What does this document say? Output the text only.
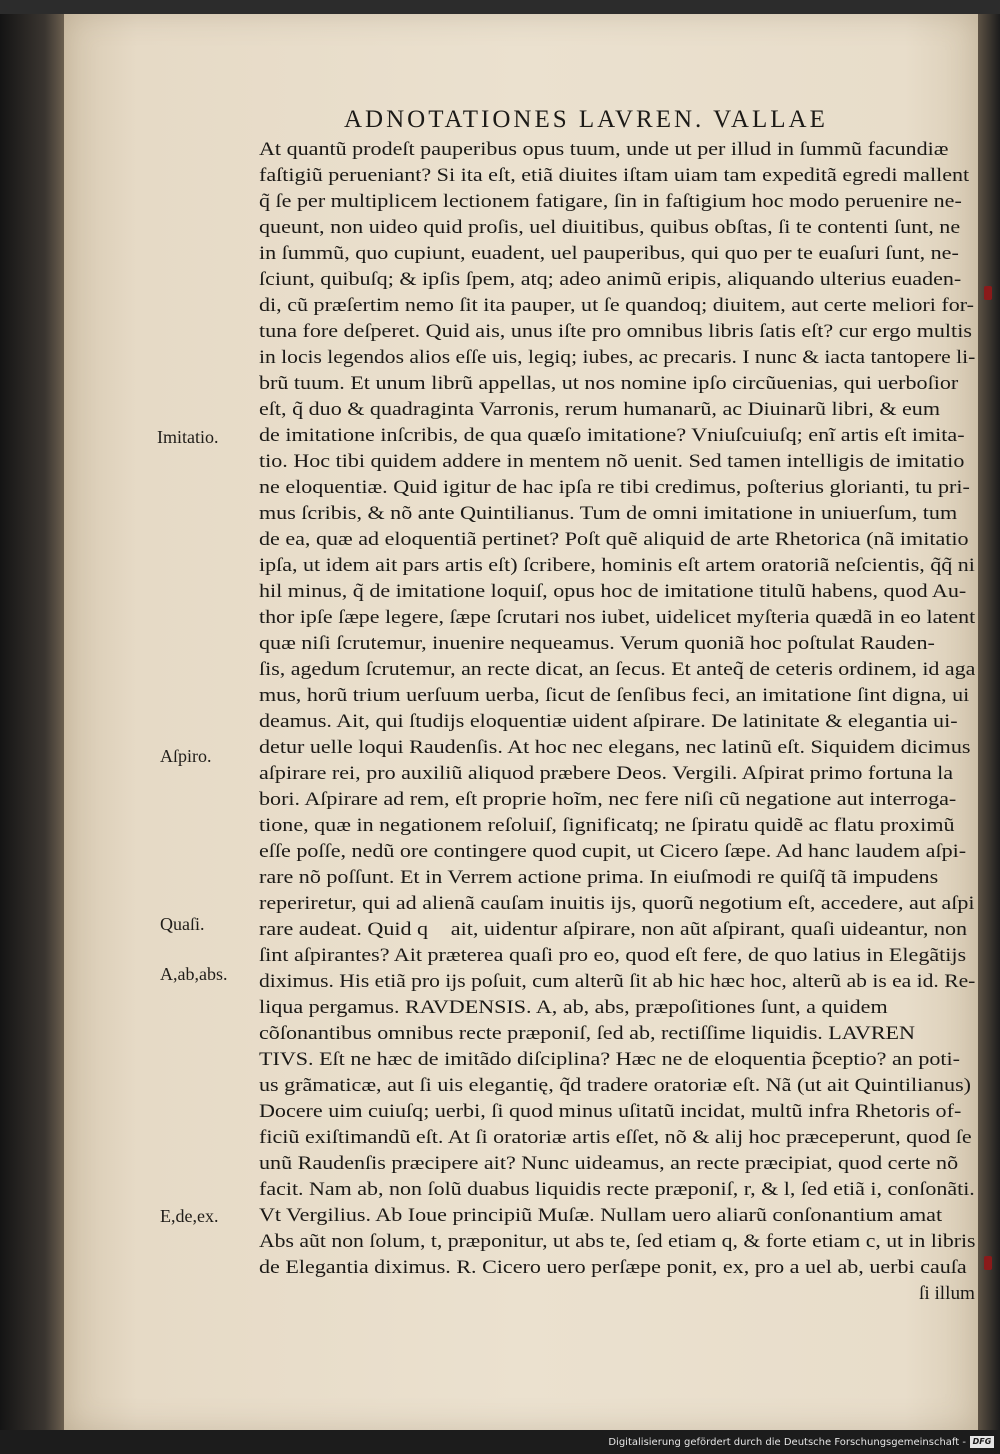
ADNOTATIONES LAVREN. VALLAE
Imitatio.
Aſpiro.
Quaſi.
A,ab,abs.
E,de,ex.
At quantũ prodeſt pauperibus opus tuum, unde ut per illud in ſummũ facundiæ
faſtigiũ perueniant? Si ita eſt, etiã diuites iſtam uiam tam expeditã egredi mallent
q̃ ſe per multiplicem lectionem fatigare, ſin in faſtigium hoc modo peruenire ne-
queunt, non uideo quid proſis, uel diuitibus, quibus obſtas, ſi te contenti ſunt, ne
in ſummũ, quo cupiunt, euadent, uel pauperibus, qui quo per te euaſuri ſunt, ne-
ſciunt, quibuſq; & ipſis ſpem, atq; adeo animũ eripis, aliquando ulterius euaden-
di, cũ præſertim nemo ſit ita pauper, ut ſe quandoq; diuitem, aut certe meliori for-
tuna fore deſperet. Quid ais, unus iſte pro omnibus libris ſatis eſt? cur ergo multis
in locis legendos alios eſſe uis, legiq; iubes, ac precaris. I nunc & iacta tantopere li-
brũ tuum. Et unum librũ appellas, ut nos nomine ipſo circũuenias, qui uerboſior
eſt, q̃ duo & quadraginta Varronis, rerum humanarũ, ac Diuinarũ libri, & eum
de imitatione inſcribis, de qua quæſo imitatione? Vniuſcuiuſq; enĩ artis eſt imita-
tio. Hoc tibi quidem addere in mentem nõ uenit. Sed tamen intelligis de imitatio
ne eloquentiæ. Quid igitur de hac ipſa re tibi credimus, poſterius glorianti, tu pri-
mus ſcribis, & nõ ante Quintilianus. Tum de omni imitatione in uniuerſum, tum
de ea, quæ ad eloquentiã pertinet? Poſt quẽ aliquid de arte Rhetorica (nã imitatio
ipſa, ut idem ait pars artis eſt) ſcribere, hominis eſt artem oratoriã neſcientis, q̃q̃ ni
hil minus, q̃ de imitatione loquiſ, opus hoc de imitatione titulũ habens, quod Au-
thor ipſe ſæpe legere, ſæpe ſcrutari nos iubet, uidelicet myſteria quædã in eo latent
quæ niſi ſcrutemur, inuenire nequeamus. Verum quoniã hoc poſtulat Rauden-
ſis, agedum ſcrutemur, an recte dicat, an ſecus. Et anteq̃ de ceteris ordinem, id aga
mus, horũ trium uerſuum uerba, ſicut de ſenſibus feci, an imitatione ſint digna, ui
deamus. Ait, qui ſtudijs eloquentiæ uident aſpirare. De latinitate & elegantia ui-
detur uelle loqui Raudenſis. At hoc nec elegans, nec latinũ eſt. Siquidem dicimus
aſpirare rei, pro auxiliũ aliquod præbere Deos. Vergili. Aſpirat primo fortuna la
bori. Aſpirare ad rem, eſt proprie hoĩm, nec fere niſi cũ negatione aut interroga-
tione, quæ in negationem reſoluiſ, ſignificatq; ne ſpiratu quidẽ ac flatu proximũ
eſſe poſſe, nedũ ore contingere quod cupit, ut Cicero ſæpe. Ad hanc laudem aſpi-
rare nõ poſſunt. Et in Verrem actione prima. In eiuſmodi re quiſq̃ tã impudens
reperiretur, qui ad alienã cauſam inuitis ijs, quorũ negotium eſt, accedere, aut aſpi
rare audeat. Quid q᷑ ait, uidentur aſpirare, non aũt aſpirant, quaſi uideantur, non
ſint aſpirantes? Ait præterea quaſi pro eo, quod eſt fere, de quo latius in Elegãtijs
diximus. His etiã pro ijs poſuit, cum alterũ ſit ab hic hæc hoc, alterũ ab is ea id. Re-
liqua pergamus. RAVDENSIS. A, ab, abs, præpoſitiones ſunt, a quidem
cõſonantibus omnibus recte præponiſ, ſed ab, rectiſſime liquidis. LAVREN
TIVS. Eſt ne hæc de imitãdo diſciplina? Hæc ne de eloquentia p̃ceptio? an poti-
us grãmaticæ, aut ſi uis elegantię, q̃d tradere oratoriæ eſt. Nã (ut ait Quintilianus)
Docere uim cuiuſq; uerbi, ſi quod minus uſitatũ incidat, multũ infra Rhetoris of-
ficiũ exiſtimandũ eſt. At ſi oratoriæ artis eſſet, nõ & alij hoc præceperunt, quod ſe
unũ Raudenſis præcipere ait? Nunc uideamus, an recte præcipiat, quod certe nõ
facit. Nam ab, non ſolũ duabus liquidis recte præponiſ, r, & l, ſed etiã i, conſonãti.
Vt Vergilius. Ab Ioue principiũ Muſæ. Nullam uero aliarũ conſonantium amat
Abs aũt non ſolum, t, præponitur, ut abs te, ſed etiam q, & forte etiam c, ut in libris
de Elegantia diximus. R. Cicero uero perſæpe ponit, ex, pro a uel ab, uerbi cauſa
ſi illum
Digitalisierung gefördert durch die Deutsche Forschungsgemeinschaft - DFG
